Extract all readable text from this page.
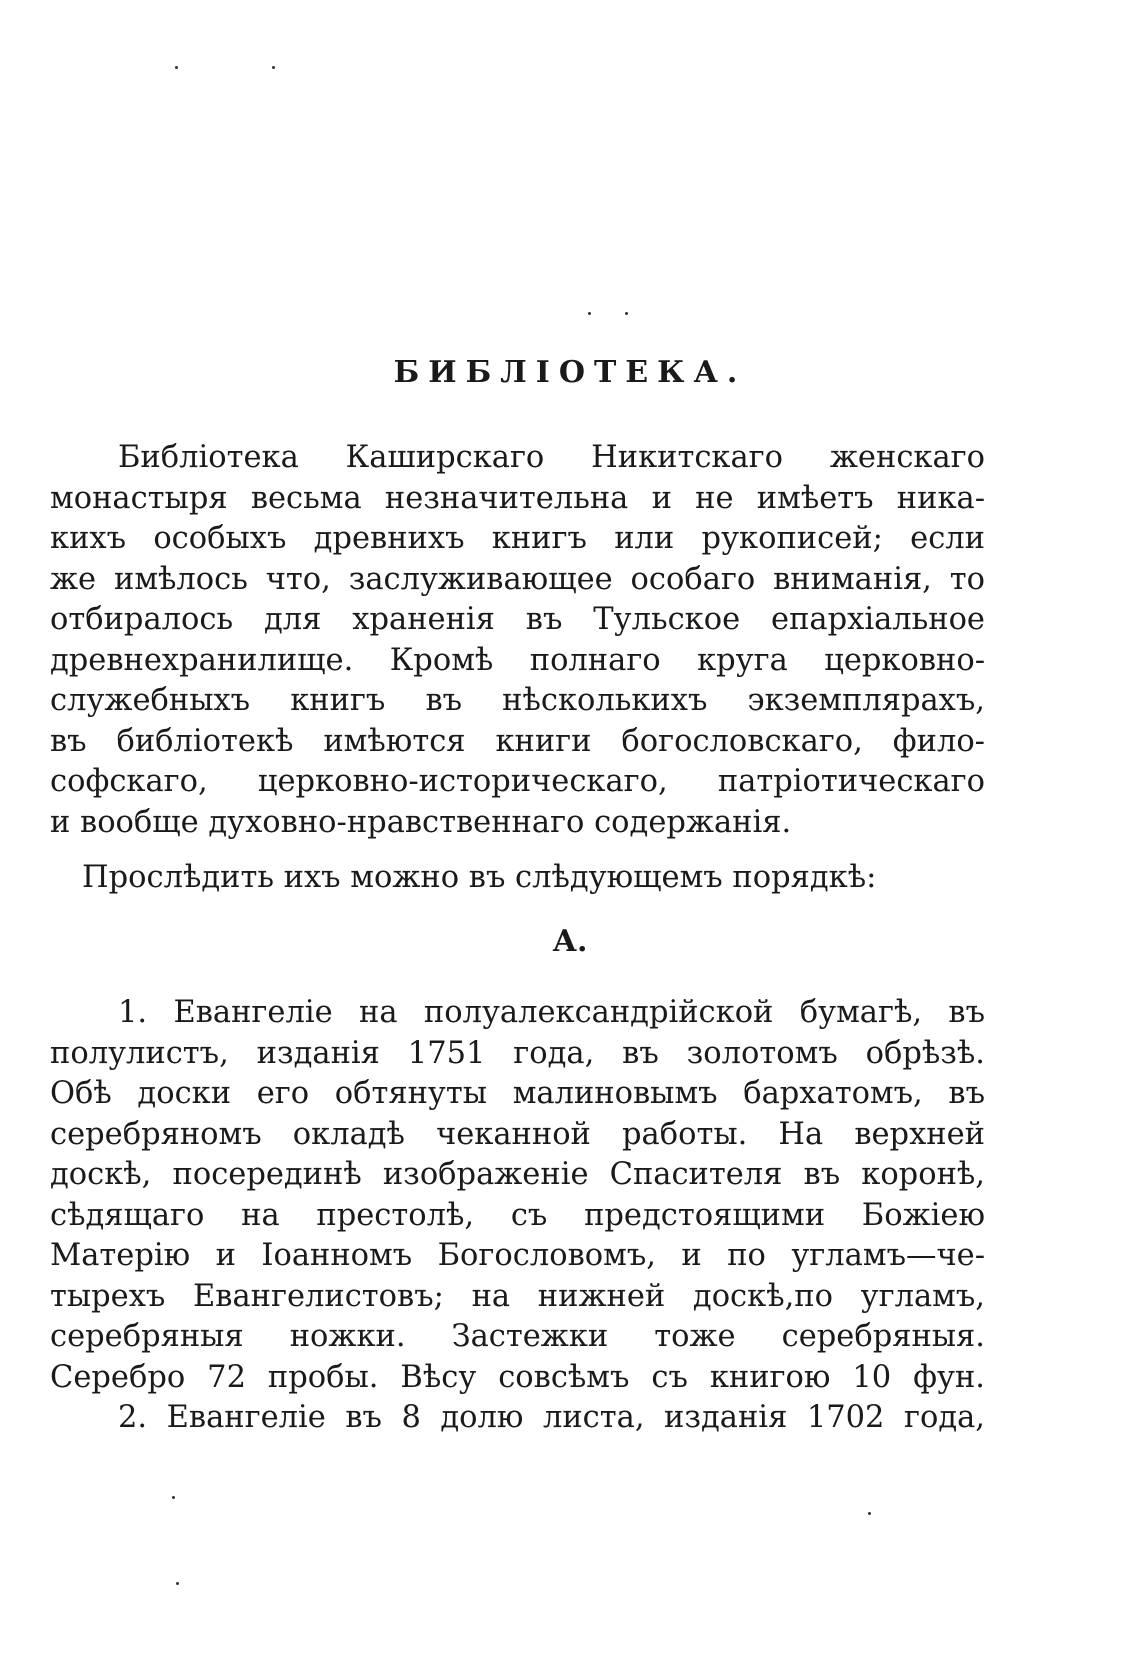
БИБЛІОТЕКА.
Библіотека Каширскаго Никитскаго женскаго
монастыря весьма незначительна и не имѣетъ ника-
кихъ особыхъ древнихъ книгъ или рукописей; если
же имѣлось что, заслуживающее особаго вниманія, то
отбиралось для храненія въ Тульское епархіальное
древнехранилище. Кромѣ полнаго круга церковно-
служебныхъ книгъ въ нѣсколькихъ экземплярахъ,
въ библіотекѣ имѣются книги богословскаго, фило-
софскаго, церковно-историческаго, патріотическаго
и вообще духовно-нравственнаго содержанія.
Прослѣдить ихъ можно въ слѣдующемъ порядкѣ:
А.
1. Евангеліе на полуалександрійской бумагѣ, въ
полулистъ, изданія 1751 года, въ золотомъ обрѣзѣ.
Обѣ доски его обтянуты малиновымъ бархатомъ, въ
серебряномъ окладѣ чеканной работы. На верхней
доскѣ, посерединѣ изображеніе Спасителя въ коронѣ,
сѣдящаго на престолѣ, съ предстоящими Божіею
Матерію и Іоанномъ Богословомъ, и по угламъ—че-
тырехъ Евангелистовъ; на нижней доскѣ,по угламъ,
серебряныя ножки. Застежки тоже серебряныя.
Серебро 72 пробы. Вѣсу совсѣмъ съ книгою 10 фун.
2. Евангеліе въ 8 долю листа, изданія 1702 года,
